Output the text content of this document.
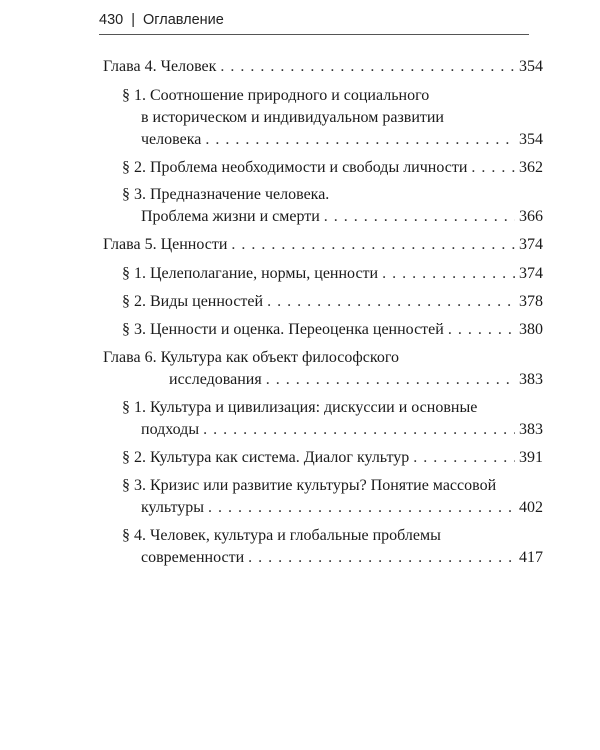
430 | Оглавление
Глава 4. Человек . . .	354
§ 1. Соотношение природного и социального
в историческом и индивидуальном развитии
человека . . .	354
§ 2. Проблема необходимости и свободы личности . . .	362
§ 3. Предназначение человека.
Проблема жизни и смерти . . .	366
Глава 5. Ценности . . .	374
§ 1. Целеполагание, нормы, ценности . . .	374
§ 2. Виды ценностей . . .	378
§ 3. Ценности и оценка. Переоценка ценностей . . .	380
Глава 6. Культура как объект философского
исследования . . .	383
§ 1. Культура и цивилизация: дискуссии и основные
подходы . . .	383
§ 2. Культура как система. Диалог культур . . .	391
§ 3. Кризис или развитие культуры? Понятие массовой
культуры . . .	402
§ 4. Человек, культура и глобальные проблемы
современности . . .	417
